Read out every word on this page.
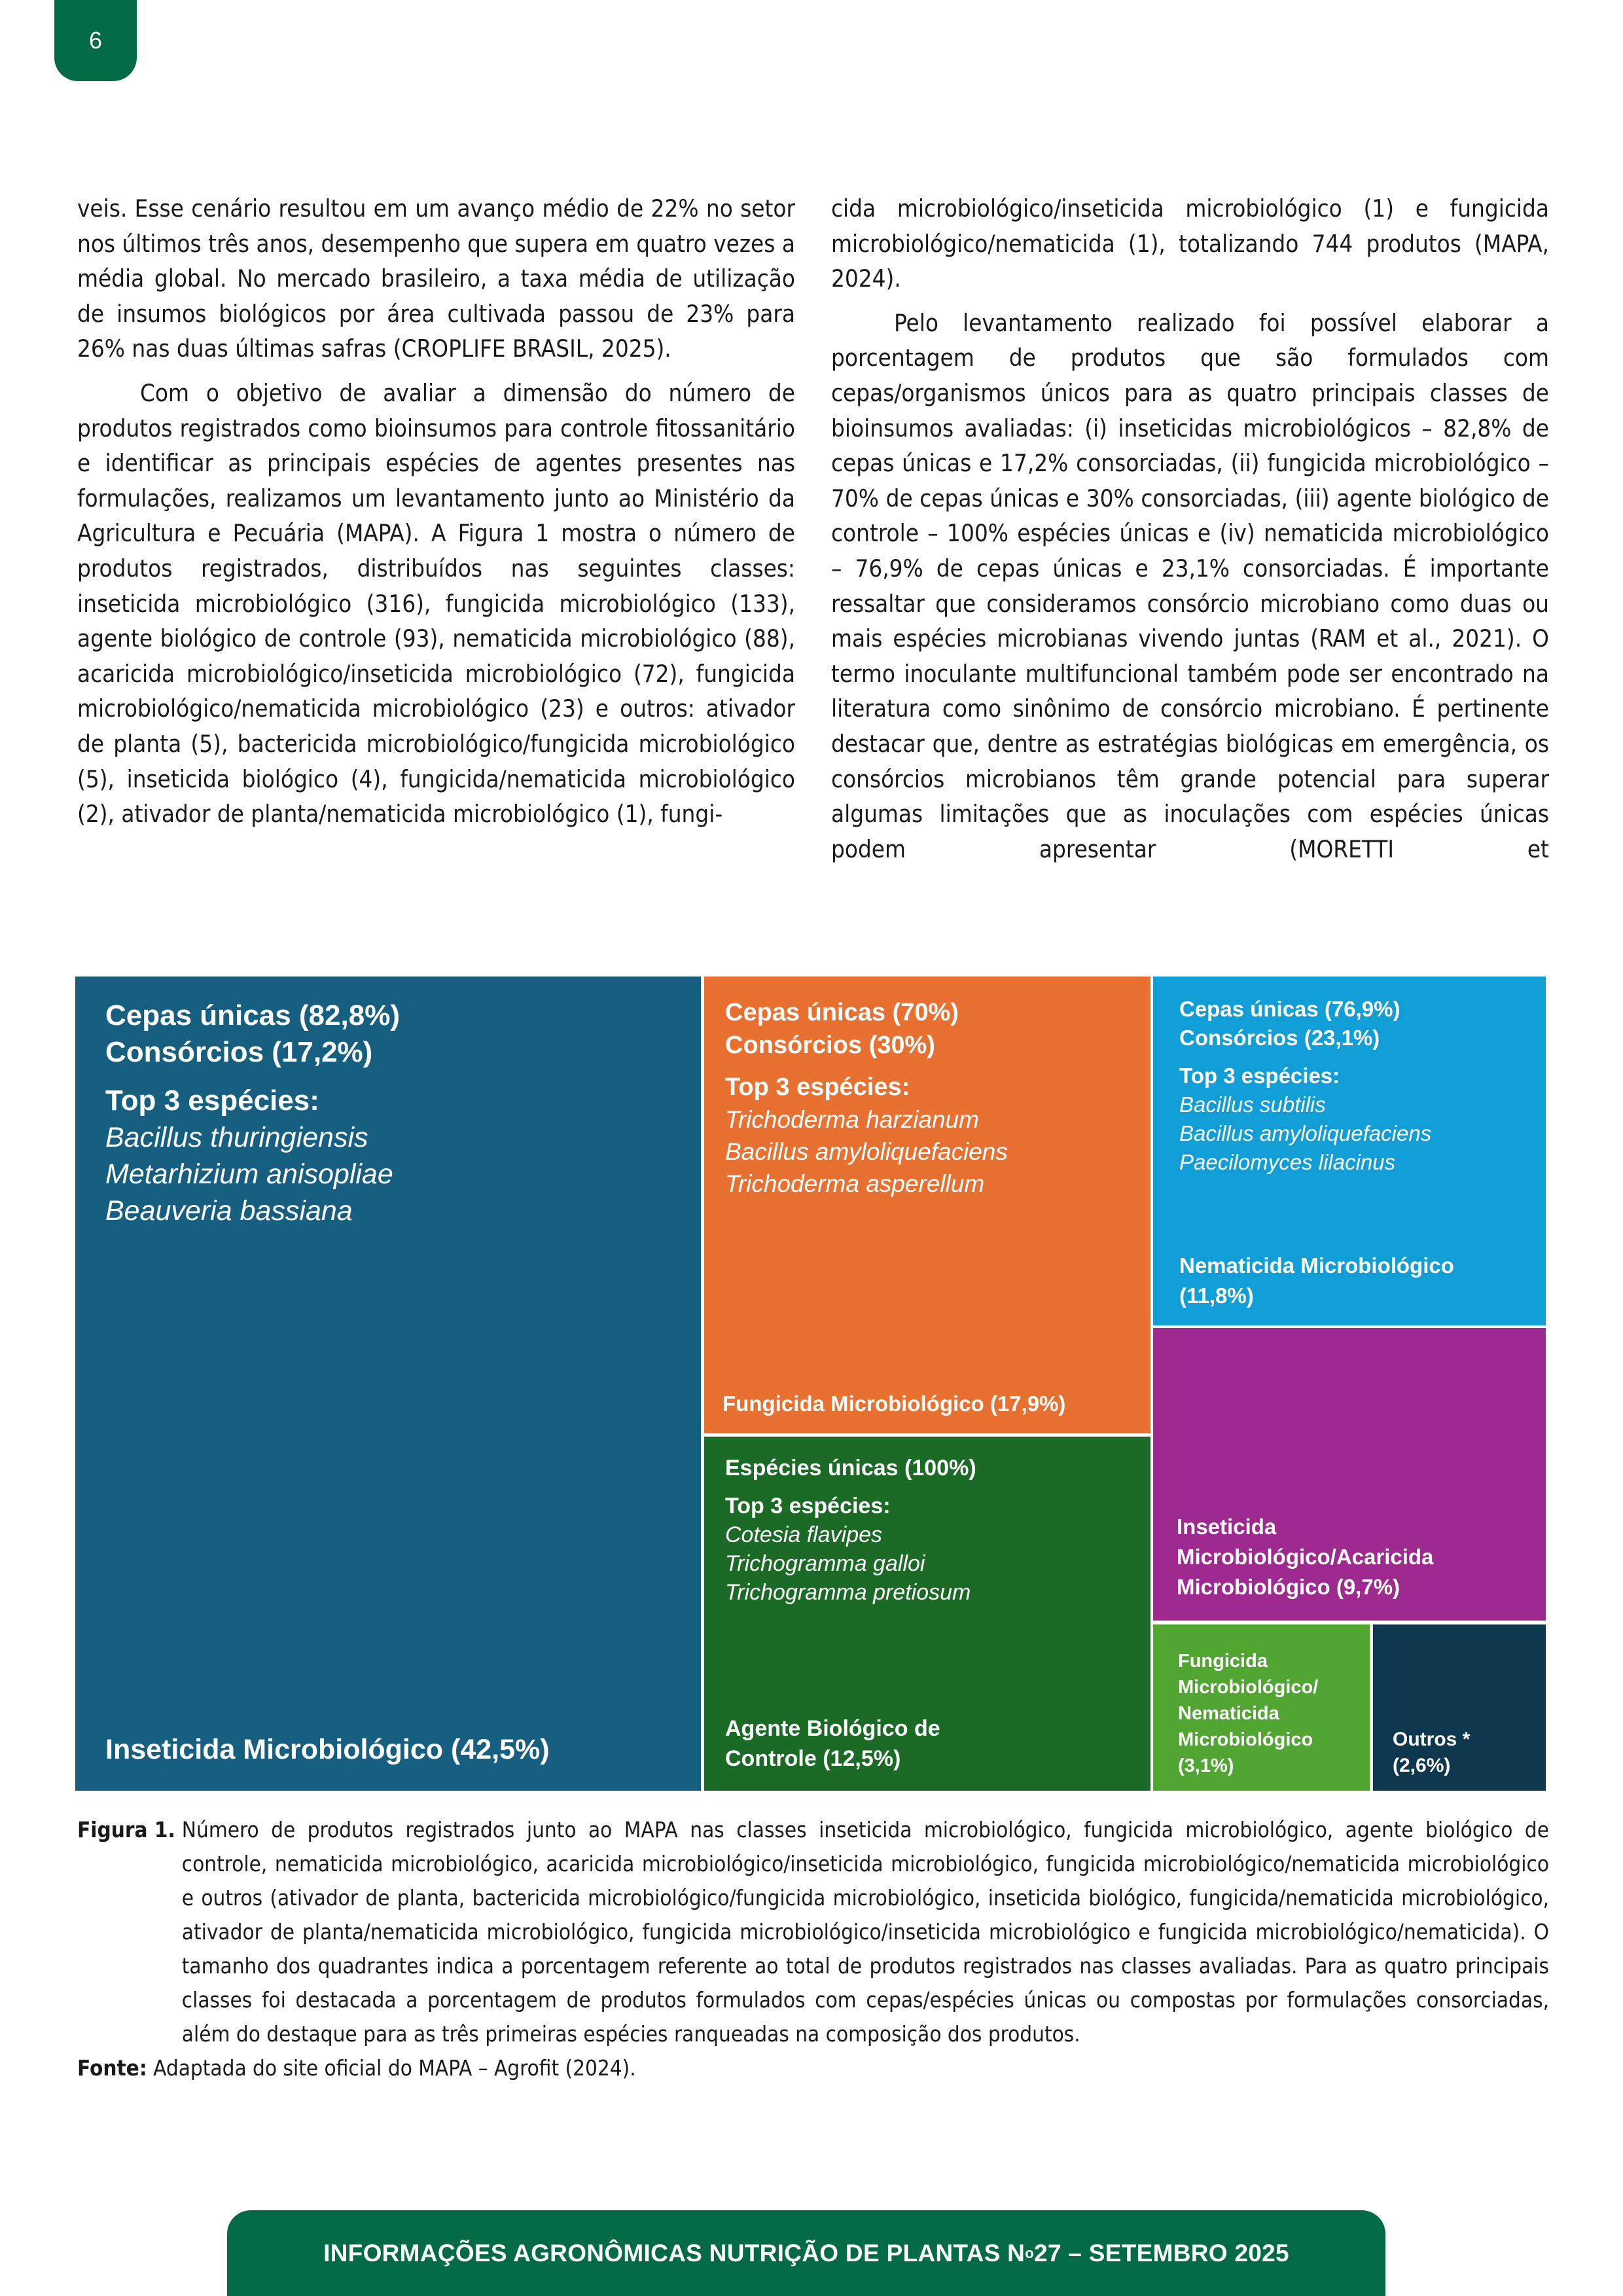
6

veis. Esse cenário resultou em um avanço médio de 22% no setor nos últimos três anos, desempenho que supera em quatro vezes a média global. No mercado brasileiro, a taxa média de utilização de insumos biológicos por área cultivada passou de 23% para 26% nas duas últimas safras (CROPLIFE BRASIL, 2025).

Com o objetivo de avaliar a dimensão do número de produtos registrados como bioinsumos para controle fitossanitário e identificar as principais espécies de agentes presentes nas formulações, realizamos um levantamento junto ao Ministério da Agricultura e Pecuária (MAPA). A Figura 1 mostra o número de produtos registrados, distribuídos nas seguintes classes: inseticida microbiológico (316), fungicida microbiológico (133), agente biológico de controle (93), nematicida microbiológico (88), acaricida microbiológico/inseticida microbiológico (72), fungicida microbiológico/nematicida microbiológico (23) e outros: ativador de planta (5), bactericida microbiológico/fungicida microbiológico (5), inseticida biológico (4), fungicida/nematicida microbiológico (2), ativador de planta/nematicida microbiológico (1), fungi-

cida microbiológico/inseticida microbiológico (1) e fungicida microbiológico/nematicida (1), totalizando 744 produtos (MAPA, 2024).

Pelo levantamento realizado foi possível elaborar a porcentagem de produtos que são formulados com cepas/organismos únicos para as quatro principais classes de bioinsumos avaliadas: (i) inseticidas microbiológicos – 82,8% de cepas únicas e 17,2% consorciadas, (ii) fungicida microbiológico – 70% de cepas únicas e 30% consorciadas, (iii) agente biológico de controle – 100% espécies únicas e (iv) nematicida microbiológico – 76,9% de cepas únicas e 23,1% consorciadas. É importante ressaltar que consideramos consórcio microbiano como duas ou mais espécies microbianas vivendo juntas (RAM et al., 2021). O termo inoculante multifuncional também pode ser encontrado na literatura como sinônimo de consórcio microbiano. É pertinente destacar que, dentre as estratégias biológicas em emergência, os consórcios microbianos têm grande potencial para superar algumas limitações que as inoculações com espécies únicas podem apresentar (MORETTI et

Cepas únicas (82,8%)
Consórcios (17,2%)
Top 3 espécies:
Bacillus thuringiensis
Metarhizium anisopliae
Beauveria bassiana
Inseticida Microbiológico (42,5%)
Cepas únicas (70%)
Consórcios (30%)
Top 3 espécies:
Trichoderma harzianum
Bacillus amyloliquefaciens
Trichoderma asperellum
Fungicida Microbiológico (17,9%)
Espécies únicas (100%)
Top 3 espécies:
Cotesia flavipes
Trichogramma galloi
Trichogramma pretiosum
Agente Biológico de
Controle (12,5%)
Cepas únicas (76,9%)
Consórcios (23,1%)
Top 3 espécies:
Bacillus subtilis
Bacillus amyloliquefaciens
Paecilomyces lilacinus
Nematicida Microbiológico
(11,8%)
Inseticida
Microbiológico/Acaricida
Microbiológico (9,7%)
Fungicida
Microbiológico/
Nematicida
Microbiológico
(3,1%)
Outros *
(2,6%)
Figura 1. Número de produtos registrados junto ao MAPA nas classes inseticida microbiológico, fungicida microbiológico, agente biológico de controle, nematicida microbiológico, acaricida microbiológico/inseticida microbiológico, fungicida microbiológico/nematicida microbiológico e outros (ativador de planta, bactericida microbiológico/fungicida microbiológico, inseticida biológico, fungicida/nematicida microbiológico, ativador de planta/nematicida microbiológico, fungicida microbiológico/inseticida microbiológico e fungicida microbiológico/nematicida). O tamanho dos quadrantes indica a porcentagem referente ao total de produtos registrados nas classes avaliadas. Para as quatro principais classes foi destacada a porcentagem de produtos formulados com cepas/espécies únicas ou compostas por formulações consorciadas, além do destaque para as três primeiras espécies ranqueadas na composição dos produtos.
Fonte: Adaptada do site oficial do MAPA – Agrofit (2024).
INFORMAÇÕES AGRONÔMICAS NUTRIÇÃO DE PLANTAS N o 27 – SETEMBRO 2025
